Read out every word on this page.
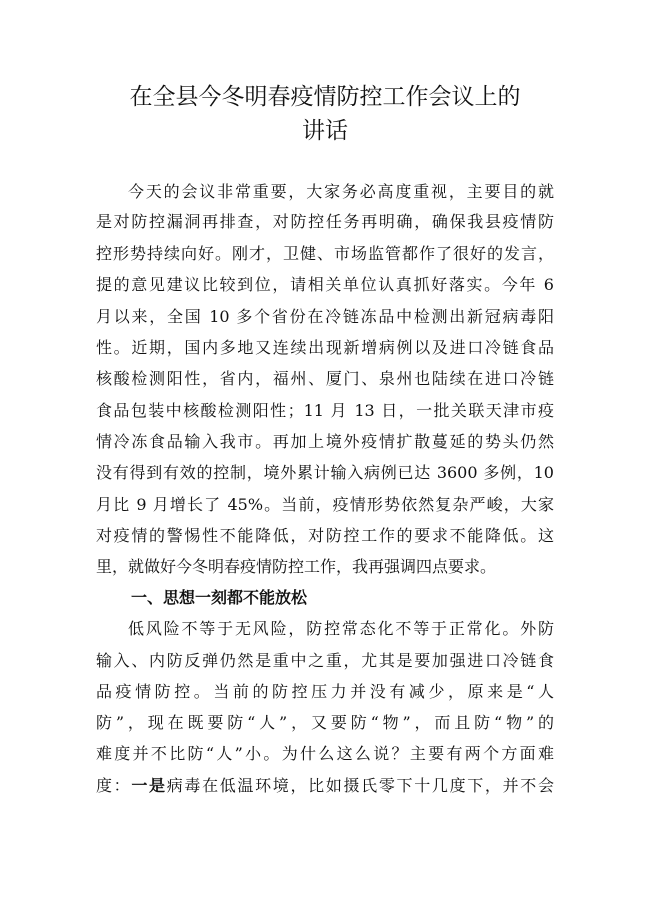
在全县今冬明春疫情防控工作会议上的
讲话

今天的会议非常重要，大家务必高度重视，主要目的就

是对防控漏洞再排查，对防控任务再明确，确保我县疫情防

控形势持续向好。刚才，卫健、市场监管都作了很好的发言，

提的意见建议比较到位，请相关单位认真抓好落实。今年 6

月以来，全国 10 多个省份在冷链冻品中检测出新冠病毒阳

性。近期，国内多地又连续出现新增病例以及进口冷链食品

核酸检测阳性，省内，福州、厦门、泉州也陆续在进口冷链

食品包装中核酸检测阳性；11 月 13 日，一批关联天津市疫

情冷冻食品输入我市。再加上境外疫情扩散蔓延的势头仍然

没有得到有效的控制，境外累计输入病例已达 3600 多例，10

月比 9 月增长了 45%。当前，疫情形势依然复杂严峻，大家

对疫情的警惕性不能降低，对防控工作的要求不能降低。这

里，就做好今冬明春疫情防控工作，我再强调四点要求。

一、思想一刻都不能放松

低风险不等于无风险，防控常态化不等于正常化。外防

输入、内防反弹仍然是重中之重，尤其是要加强进口冷链食

品疫情防控。当前的防控压力并没有减少，原来是“人

防”，现在既要防“人”，又要防“物”，而且防“物”的

难度并不比防“人”小。为什么这么说？主要有两个方面难

度：一是病毒在低温环境，比如摄氏零下十几度下，并不会
